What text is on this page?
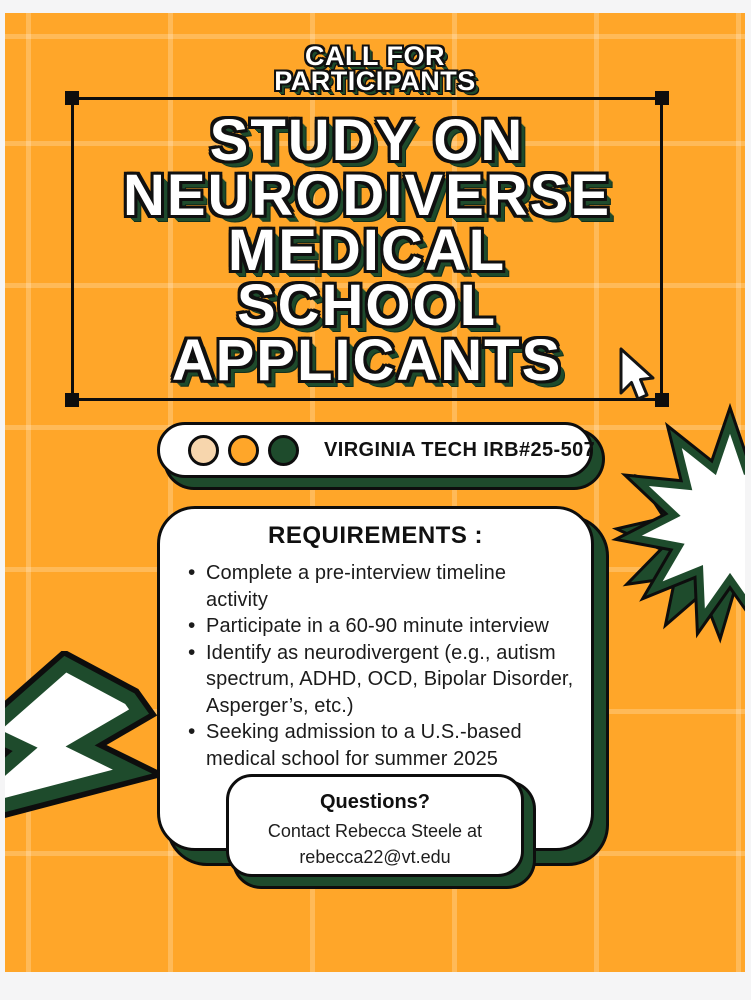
CALL FOR
PARTICIPANTS
STUDY ON
NEURODIVERSE
MEDICAL
SCHOOL
APPLICANTS
VIRGINIA TECH IRB#25-507
REQUIREMENTS :
• Complete a pre-interview timeline
activity
• Participate in a 60-90 minute interview
• Identify as neurodivergent (e.g., autism
spectrum, ADHD, OCD, Bipolar Disorder,
Asperger’s, etc.)
• Seeking admission to a U.S.-based
medical school for summer 2025
Questions?
Contact Rebecca Steele at
rebecca22@vt.edu
